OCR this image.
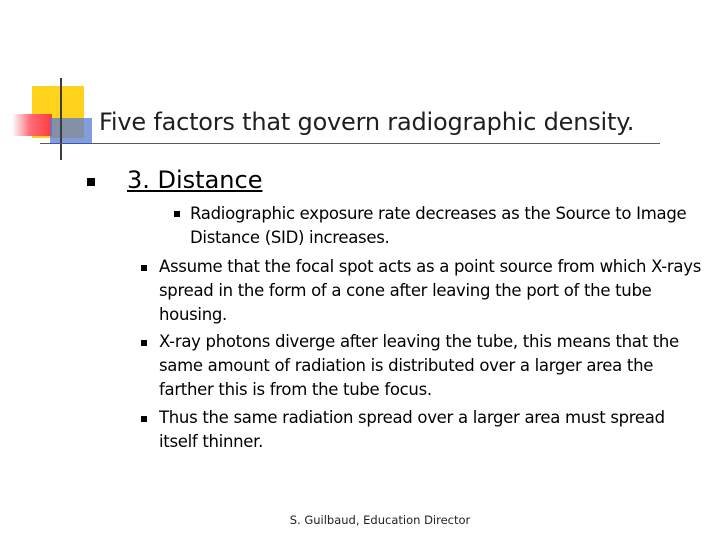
Five factors that govern radiographic density.
3. Distance
Radiographic exposure rate decreases as the Source to Image Distance (SID) increases.
Assume that the focal spot acts as a point source from which X-rays spread in the form of a cone after leaving the port of the tube housing.
X-ray photons diverge after leaving the tube, this means that the same amount of radiation is distributed over a larger area the farther this is from the tube focus.
Thus the same radiation spread over a larger area must spread itself thinner.
S. Guilbaud, Education Director
